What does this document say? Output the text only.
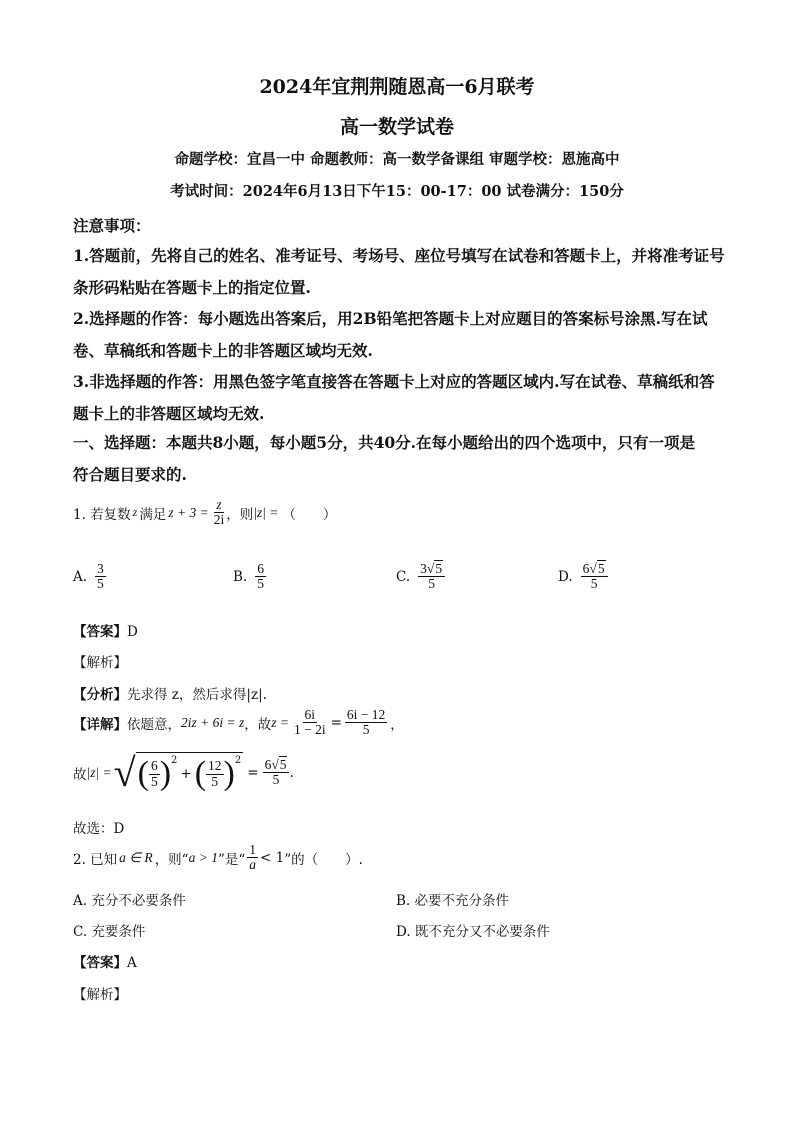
2024年宜荆荆随恩高一6月联考
高一数学试卷
命题学校：宜昌一中 命题教师：高一数学备课组 审题学校：恩施高中
考试时间：2024年6月13日下午15：00-17：00 试卷满分：150分
注意事项：
1.答题前，先将自己的姓名、准考证号、考场号、座位号填写在试卷和答题卡上，并将准考证号
条形码粘贴在答题卡上的指定位置.
2.选择题的作答：每小题选出答案后，用2B铅笔把答题卡上对应题目的答案标号涂黑.写在试
卷、草稿纸和答题卡上的非答题区域均无效.
3.非选择题的作答：用黑色签字笔直接答在答题卡上对应的答题区域内.写在试卷、草稿纸和答
题卡上的非答题区域均无效.
一、选择题：本题共8小题，每小题5分，共40分.在每小题给出的四个选项中，只有一项是
符合题目要求的.
1. 若复数 z 满足 $z + 3 = \frac{z}{2i}$ ，则 |z| = （　　）
A. $\frac{3}{5}$	B. $\frac{6}{5}$	C. $\frac{3√5}{5}$	D. $\frac{6√5}{5}$
【答案】D
【解析】
【分析】先求得 z，然后求得|z|.
【详解】 依题意， 2iz + 6i = z ，故 $z = \frac{6i}{1 - 2i} = \frac{6i - 12}{5}$ ，
故 |z| = √ ( $\frac{6}{5} )^2$
+ ( $\frac{12}{5} )^2$
= $\frac{6√5}{5}$ .
故选：D
2. 已知 a ∈ R ，则“ a > 1 ”是“ $\frac{1}{a} < 1$ ”的（　　）.
A. 充分不必要条件	B. 必要不充分条件
C. 充要条件	D. 既不充分又不必要条件
【答案】A
【解析】
